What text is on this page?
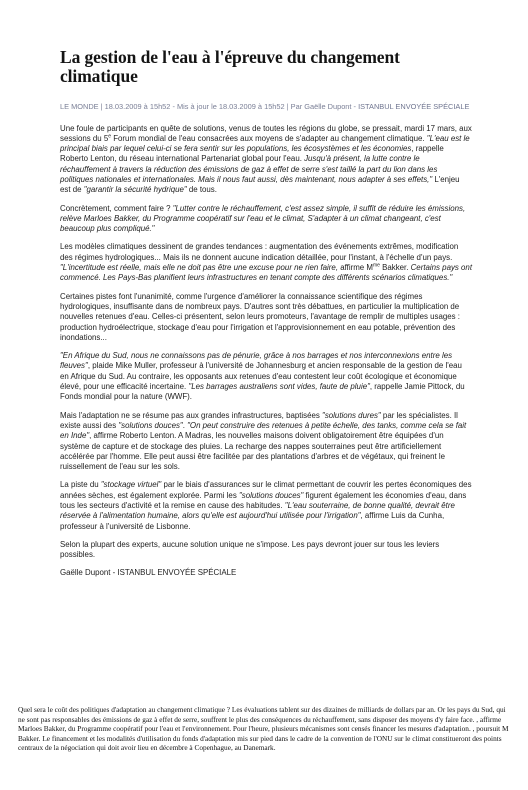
La gestion de l'eau à l'épreuve du changement climatique
LE MONDE | 18.03.2009 à 15h52 - Mis à jour le 18.03.2009 à 15h52 | Par Gaëlle Dupont - ISTANBUL ENVOYÉE SPÉCIALE

Une foule de participants en quête de solutions, venus de toutes les régions du globe, se pressait, mardi 17 mars, aux sessions du 5e Forum mondial de l'eau consacrées aux moyens de s'adapter au changement climatique. "L'eau est le principal biais par lequel celui-ci se fera sentir sur les populations, les écosystèmes et les économies, rappelle Roberto Lenton, du réseau international Partenariat global pour l'eau. Jusqu'à présent, la lutte contre le réchauffement à travers la réduction des émissions de gaz à effet de serre s'est taillé la part du lion dans les politiques nationales et internationales. Mais il nous faut aussi, dès maintenant, nous adapter à ses effets," L'enjeu est de "garantir la sécurité hydrique" de tous.

Concrètement, comment faire ? "Lutter contre le réchauffement, c'est assez simple, il suffit de réduire les émissions, relève Marloes Bakker, du Programme coopératif sur l'eau et le climat, S'adapter à un climat changeant, c'est beaucoup plus compliqué."

Les modèles climatiques dessinent de grandes tendances : augmentation des événements extrêmes, modification des régimes hydrologiques... Mais ils ne donnent aucune indication détaillée, pour l'instant, à l'échelle d'un pays. "L'incertitude est réelle, mais elle ne doit pas être une excuse pour ne rien faire, affirme $M^{me}$ Bakker. Certains pays ont commencé. Les Pays-Bas planifient leurs infrastructures en tenant compte des différents scénarios climatiques."

Certaines pistes font l'unanimité, comme l'urgence d'améliorer la connaissance scientifique des régimes hydrologiques, insuffisante dans de nombreux pays. D'autres sont très débattues, en particulier la multiplication de nouvelles retenues d'eau. Celles-ci présentent, selon leurs promoteurs, l'avantage de remplir de multiples usages : production hydroélectrique, stockage d'eau pour l'irrigation et l'approvisionnement en eau potable, prévention des inondations...

"En Afrique du Sud, nous ne connaissons pas de pénurie, grâce à nos barrages et nos interconnexions entre les fleuves", plaide Mike Muller, professeur à l'université de Johannesburg et ancien responsable de la gestion de l'eau en Afrique du Sud. Au contraire, les opposants aux retenues d'eau contestent leur coût écologique et économique élevé, pour une efficacité incertaine. "Les barrages australiens sont vides, faute de pluie", rappelle Jamie Pittock, du Fonds mondial pour la nature (WWF).

Mais l'adaptation ne se résume pas aux grandes infrastructures, baptisées "solutions dures" par les spécialistes. Il existe aussi des "solutions douces". "On peut construire des retenues à petite échelle, des tanks, comme cela se fait en Inde", affirme Roberto Lenton. A Madras, les nouvelles maisons doivent obligatoirement être équipées d'un système de capture et de stockage des pluies. La recharge des nappes souterraines peut être artificiellement accélérée par l'homme. Elle peut aussi être facilitée par des plantations d'arbres et de végétaux, qui freinent le ruissellement de l'eau sur les sols.

La piste du "stockage virtuel" par le biais d'assurances sur le climat permettant de couvrir les pertes économiques des années sèches, est également explorée. Parmi les "solutions douces" figurent également les économies d'eau, dans tous les secteurs d'activité et la remise en cause des habitudes. "L'eau souterraine, de bonne qualité, devrait être réservée à l'alimentation humaine, alors qu'elle est aujourd'hui utilisée pour l'irrigation", affirme Luis da Cunha, professeur à l'université de Lisbonne.

Selon la plupart des experts, aucune solution unique ne s'impose. Les pays devront jouer sur tous les leviers possibles.

Gaëlle Dupont - ISTANBUL ENVOYÉE SPÉCIALE

Quel sera le coût des politiques d'adaptation au changement climatique ? Les évaluations tablent sur des dizaines de milliards de dollars par an. Or les pays du Sud, qui ne sont pas responsables des émissions de gaz à effet de serre, souffrent le plus des conséquences du réchauffement, sans disposer des moyens d'y faire face. , affirme Marloes Bakker, du Programme coopératif pour l'eau et l'environnement. Pour l'heure, plusieurs mécanismes sont censés financer les mesures d'adaptation. , poursuit M Bakker. Le financement et les modalités d'utilisation du fonds d'adaptation mis sur pied dans le cadre de la convention de l'ONU sur le climat constitueront des points centraux de la négociation qui doit avoir lieu en décembre à Copenhague, au Danemark.
